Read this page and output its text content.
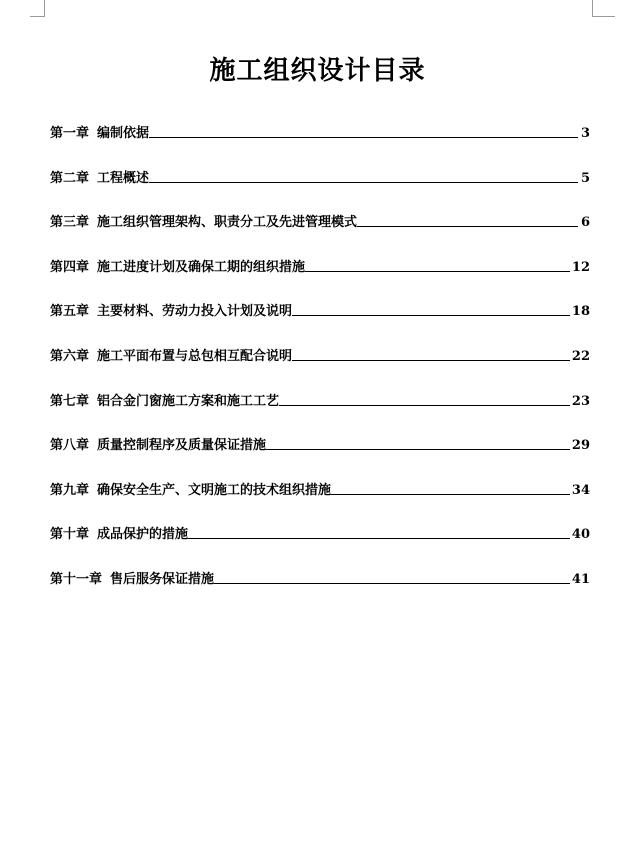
施工组织设计目录
第一章 编制依据	3
第二章 工程概述	5
第三章 施工组织管理架构、职责分工及先进管理模式	6
第四章 施工进度计划及确保工期的组织措施	12
第五章 主要材料、劳动力投入计划及说明	18
第六章 施工平面布置与总包相互配合说明	22
第七章 铝合金门窗施工方案和施工工艺	23
第八章 质量控制程序及质量保证措施	29
第九章 确保安全生产、文明施工的技术组织措施	34
第十章 成品保护的措施	40
第十一章 售后服务保证措施	41
